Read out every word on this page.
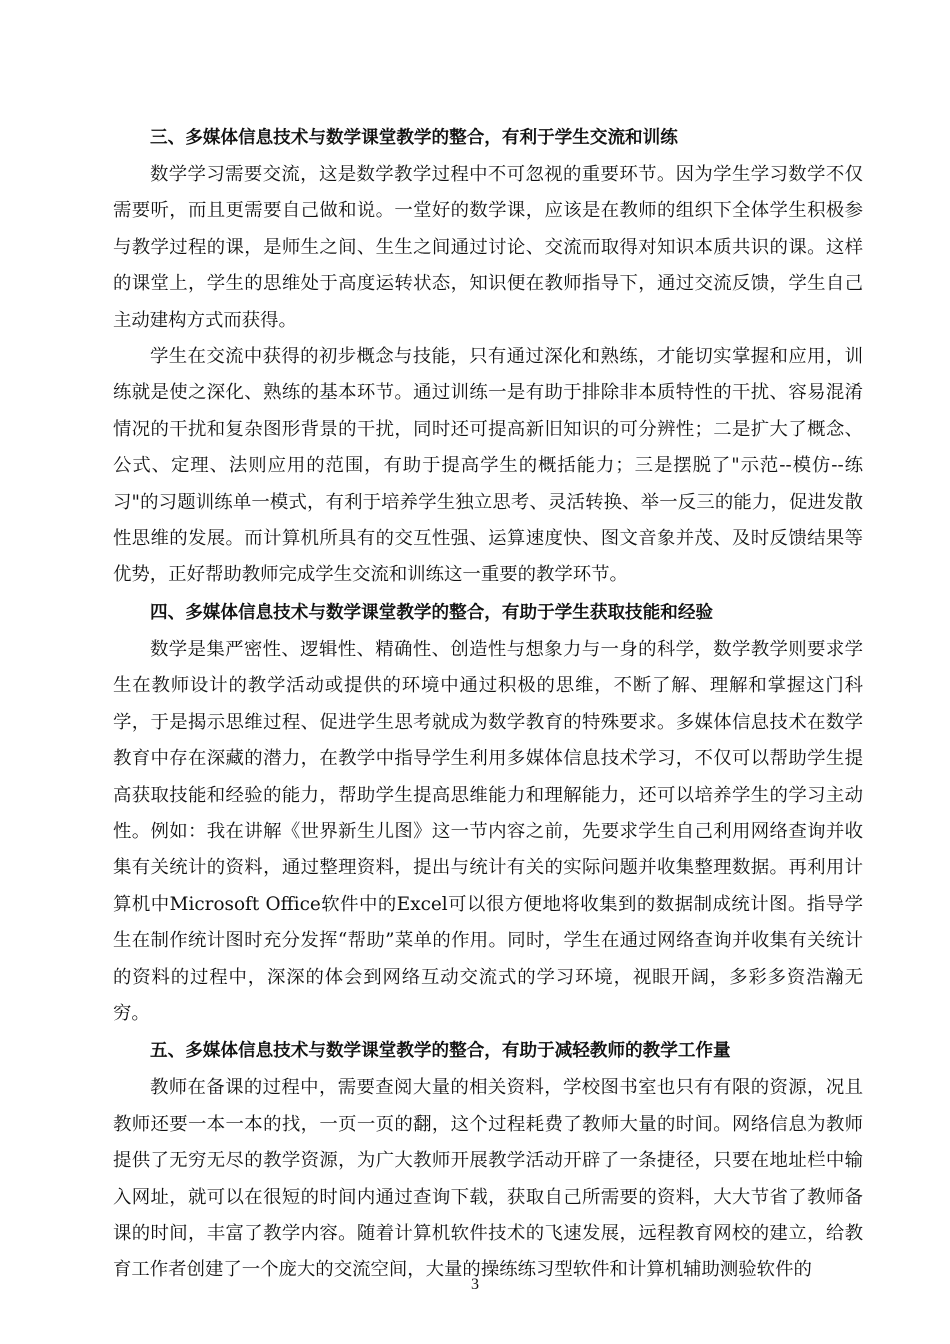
三、多媒体信息技术与数学课堂教学的整合，有利于学生交流和训练

数学学习需要交流，这是数学教学过程中不可忽视的重要环节。因为学生学习数学不仅需要听，而且更需要自己做和说。一堂好的数学课，应该是在教师的组织下全体学生积极参与教学过程的课，是师生之间、生生之间通过讨论、交流而取得对知识本质共识的课。这样的课堂上，学生的思维处于高度运转状态，知识便在教师指导下，通过交流反馈，学生自己主动建构方式而获得。

学生在交流中获得的初步概念与技能，只有通过深化和熟练，才能切实掌握和应用，训练就是使之深化、熟练的基本环节。通过训练一是有助于排除非本质特性的干扰、容易混淆情况的干扰和复杂图形背景的干扰，同时还可提高新旧知识的可分辨性；二是扩大了概念、公式、定理、法则应用的范围，有助于提高学生的概括能力；三是摆脱了"示范--模仿--练习"的习题训练单一模式，有利于培养学生独立思考、灵活转换、举一反三的能力，促进发散性思维的发展。而计算机所具有的交互性强、运算速度快、图文音象并茂、及时反馈结果等优势，正好帮助教师完成学生交流和训练这一重要的教学环节。

四、多媒体信息技术与数学课堂教学的整合，有助于学生获取技能和经验

数学是集严密性、逻辑性、精确性、创造性与想象力与一身的科学，数学教学则要求学生在教师设计的教学活动或提供的环境中通过积极的思维，不断了解、理解和掌握这门科学，于是揭示思维过程、促进学生思考就成为数学教育的特殊要求。多媒体信息技术在数学教育中存在深藏的潜力，在教学中指导学生利用多媒体信息技术学习，不仅可以帮助学生提高获取技能和经验的能力，帮助学生提高思维能力和理解能力，还可以培养学生的学习主动性。例如：我在讲解《世界新生儿图》这一节内容之前，先要求学生自己利用网络查询并收集有关统计的资料，通过整理资料，提出与统计有关的实际问题并收集整理数据。再利用计算机中Microsoft Office软件中的Excel可以很方便地将收集到的数据制成统计图。指导学生在制作统计图时充分发挥“帮助”菜单的作用。同时，学生在通过网络查询并收集有关统计的资料的过程中，深深的体会到网络互动交流式的学习环境，视眼开阔，多彩多资浩瀚无穷。

五、多媒体信息技术与数学课堂教学的整合，有助于减轻教师的教学工作量

教师在备课的过程中，需要查阅大量的相关资料，学校图书室也只有有限的资源，况且教师还要一本一本的找，一页一页的翻，这个过程耗费了教师大量的时间。网络信息为教师提供了无穷无尽的教学资源，为广大教师开展教学活动开辟了一条捷径，只要在地址栏中输入网址，就可以在很短的时间内通过查询下载，获取自己所需要的资料，大大节省了教师备课的时间，丰富了教学内容。随着计算机软件技术的飞速发展，远程教育网校的建立，给教育工作者创建了一个庞大的交流空间，大量的操练练习型软件和计算机辅助测验软件的

3
